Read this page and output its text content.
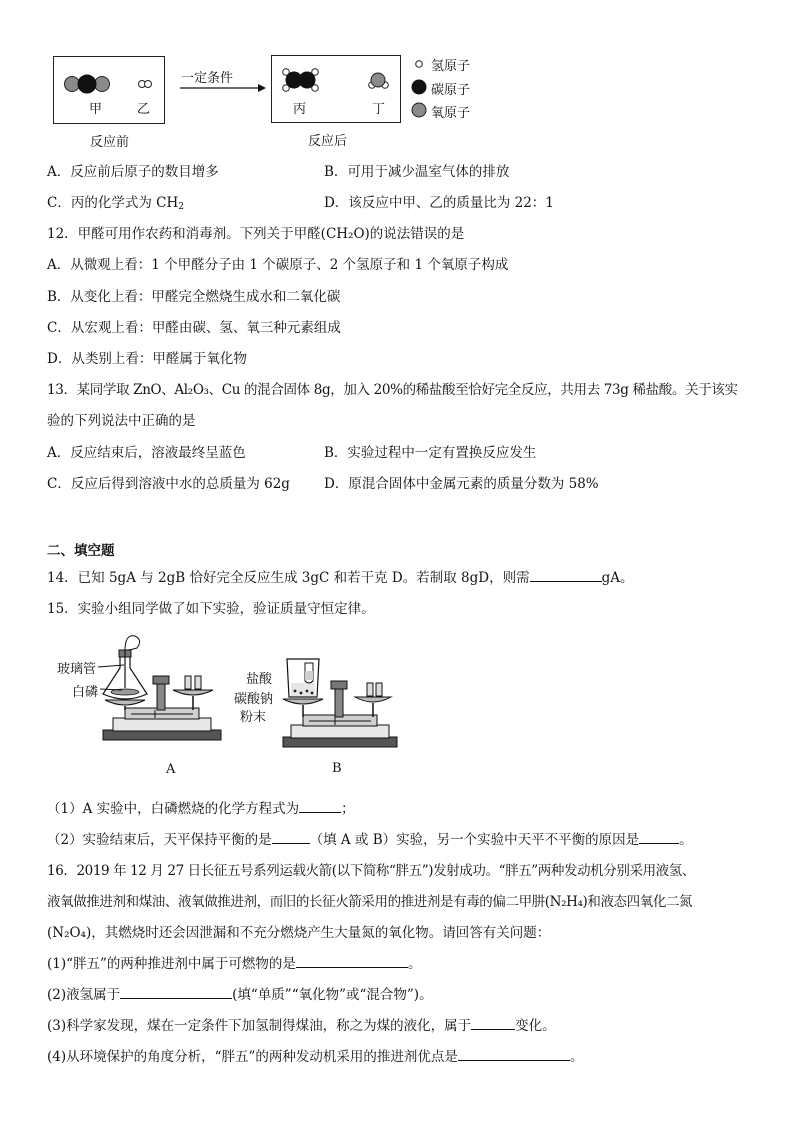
甲	乙
反应前
一定条件
丙	丁
反应后
氢原子
碳原子
氧原子
A．反应前后原子的数目增多	B．可用于减少温室气体的排放
C．丙的化学式为 $CH_2$	D．该反应中甲、乙的质量比为 22：1
12．甲醛可用作农药和消毒剂。下列关于甲醛(CH₂O)的说法错误的是
A．从微观上看：1 个甲醛分子由 1 个碳原子、2 个氢原子和 1 个氧原子构成
B．从变化上看：甲醛完全燃烧生成水和二氧化碳
C．从宏观上看：甲醛由碳、氢、氧三种元素组成
D．从类别上看：甲醛属于氧化物
13．某同学取 ZnO、Al₂O₃、Cu 的混合固体 8g，加入 20%的稀盐酸至恰好完全反应，共用去 73g 稀盐酸。关于该实
验的下列说法中正确的是
A．反应结束后，溶液最终呈蓝色	B．实验过程中一定有置换反应发生
C．反应后得到溶液中水的总质量为 62g	D．原混合固体中金属元素的质量分数为 58%
二、填空题
14．已知 5gA 与 2gB 恰好完全反应生成 3gC 和若干克 D。若制取 8gD，则需	gA。
15．实验小组同学做了如下实验，验证质量守恒定律。
玻璃管
白磷
A
盐酸
碳酸钠
粉末
B
（1）A 实验中，白磷燃烧的化学方程式为	；
（2）实验结束后，天平保持平衡的是	（填 A 或 B）实验，另一个实验中天平不平衡的原因是	。
16．2019 年 12 月 27 日长征五号系列运载火箭(以下简称“胖五”)发射成功。“胖五”两种发动机分别采用液氢、
液氧做推进剂和煤油、液氧做推进剂，而旧的长征火箭采用的推进剂是有毒的偏二甲肼(N₂H₄)和液态四氧化二氮
(N₂O₄)，其燃烧时还会因泄漏和不充分燃烧产生大量氮的氧化物。请回答有关问题：
(1)“胖五”的两种推进剂中属于可燃物的是	。
(2)液氢属于	(填“单质”“氧化物”或“混合物”)。
(3)科学家发现，煤在一定条件下加氢制得煤油，称之为煤的液化，属于	变化。
(4)从环境保护的角度分析，“胖五”的两种发动机采用的推进剂优点是	。
